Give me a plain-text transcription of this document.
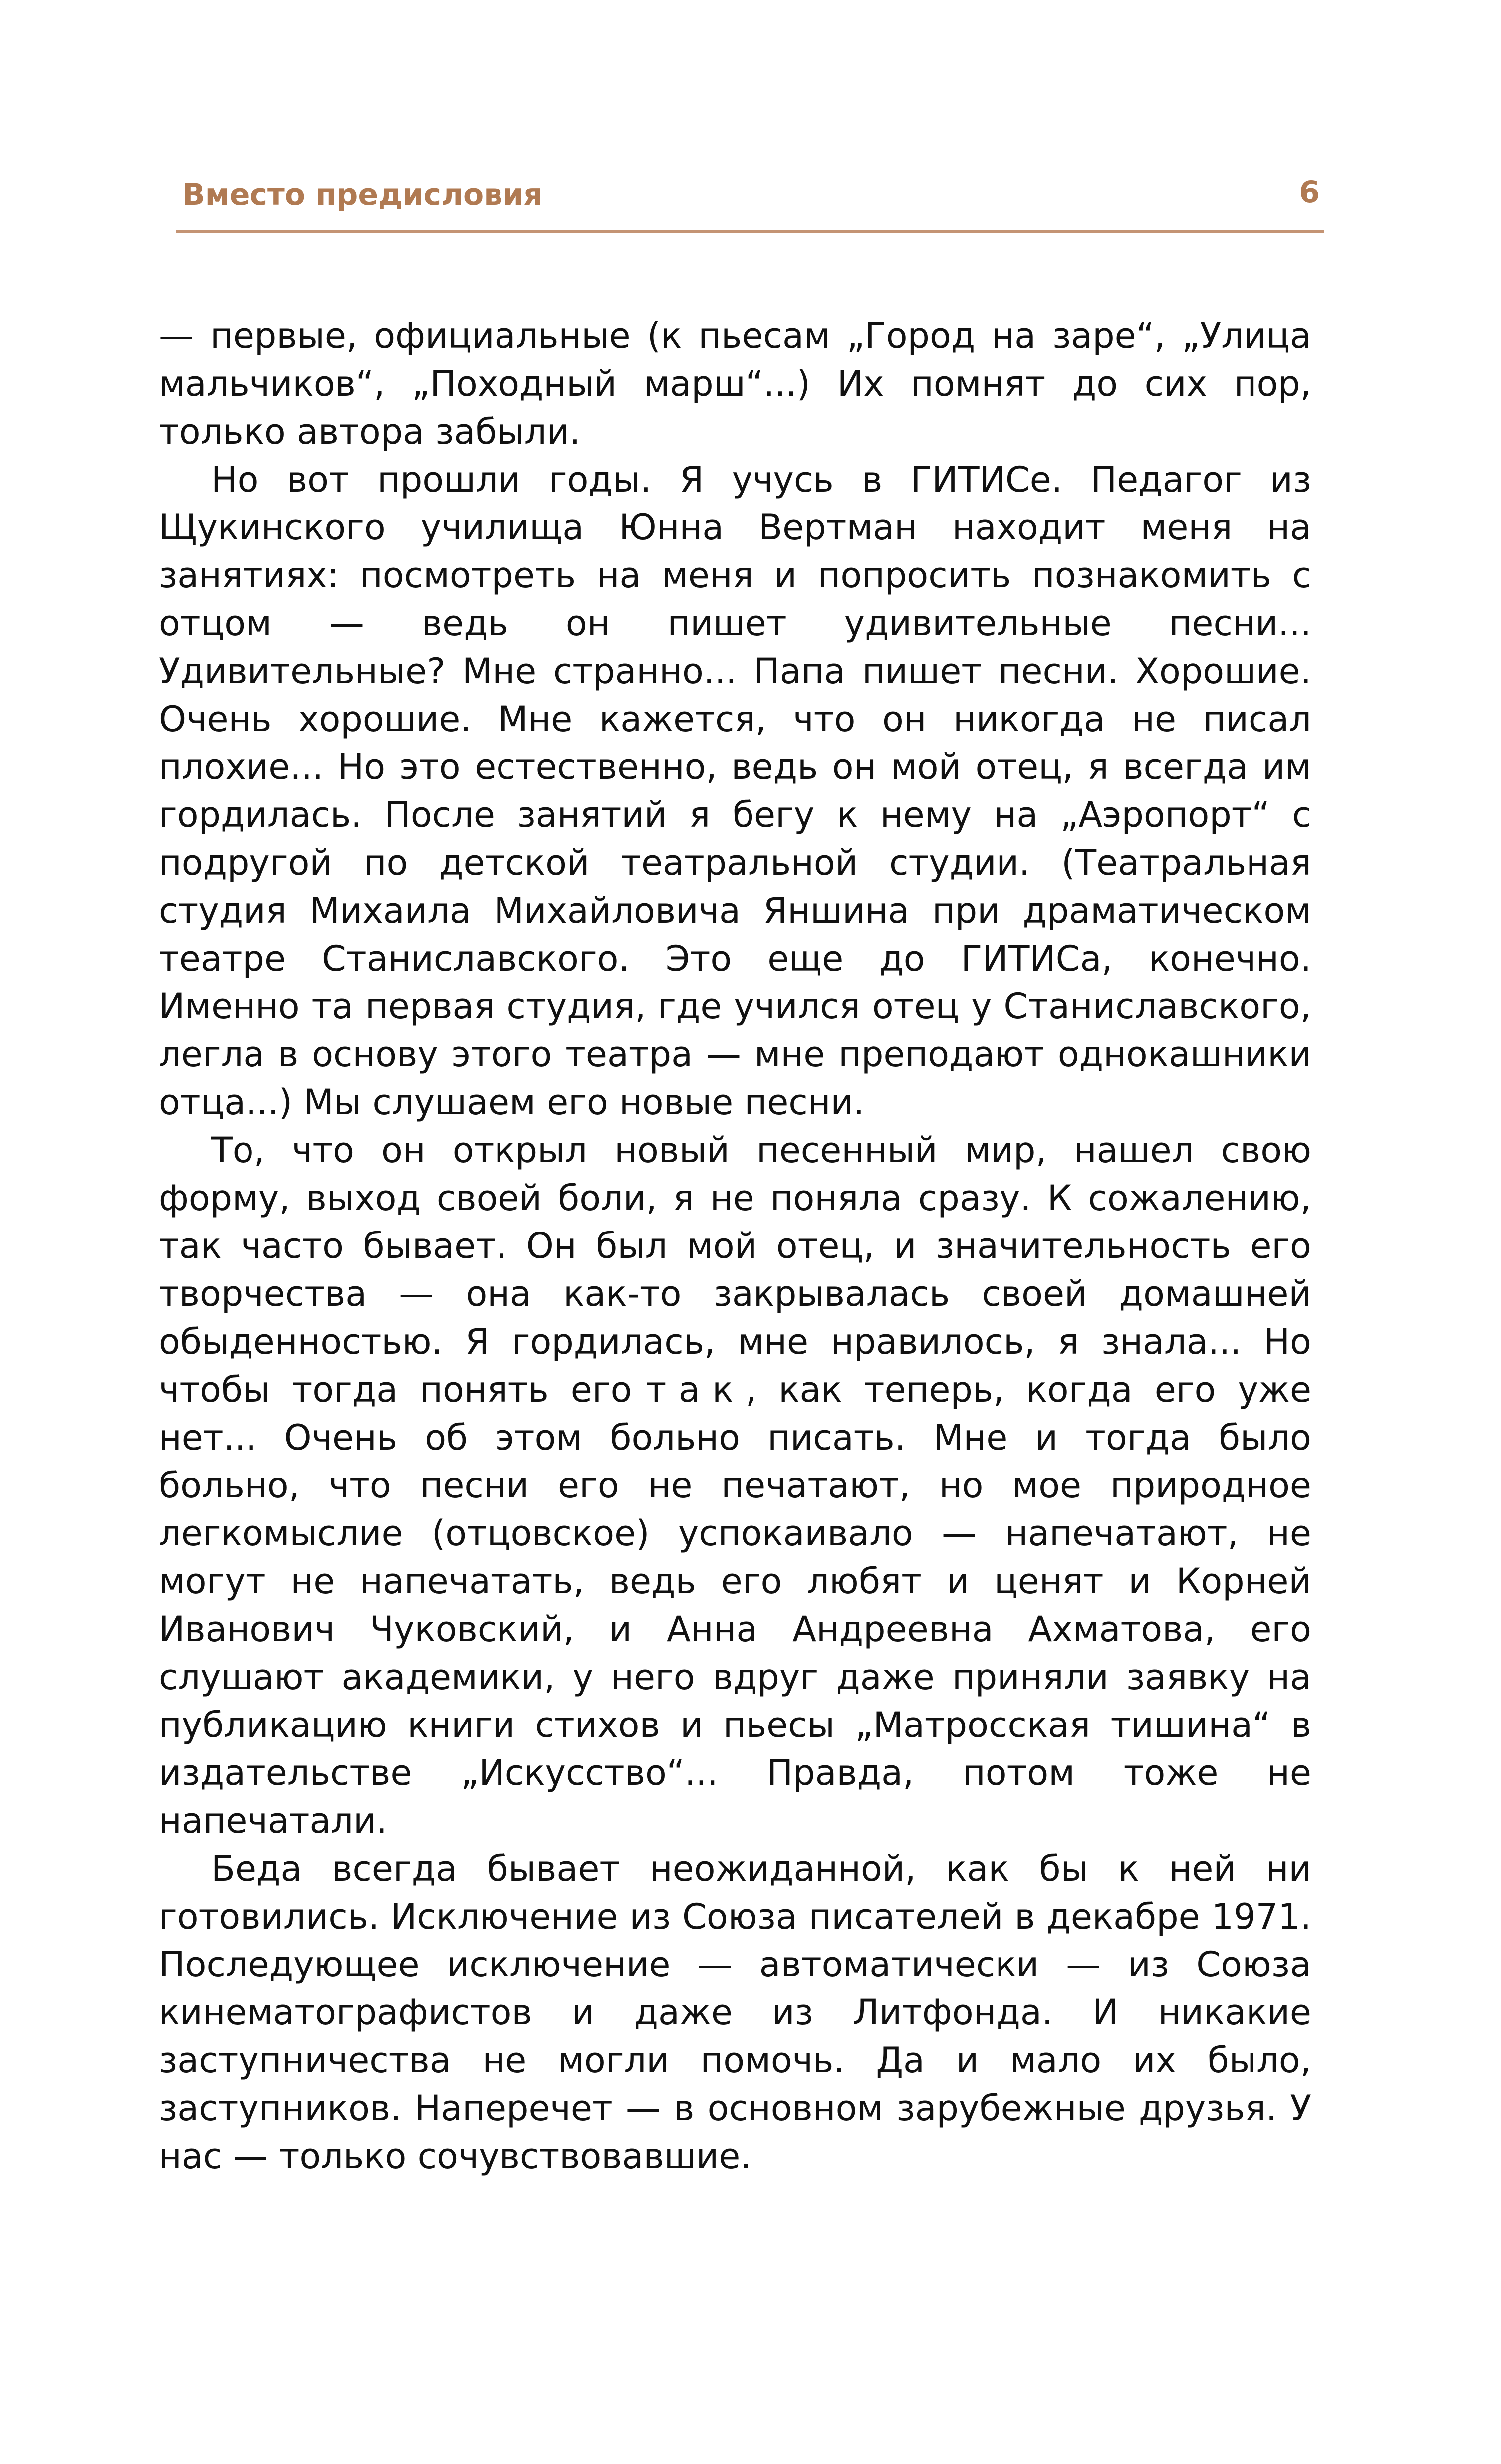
Вместо предисловия	6

— первые, официальные (к пьесам „Город на заре“, „Улица мальчиков“, „Походный марш“...) Их помнят до сих пор, только автора забыли.

Но вот прошли годы. Я учусь в ГИТИСе. Педагог из Щукинского училища Юнна Вертман находит меня на занятиях: посмотреть на меня и попросить познакомить с отцом — ведь он пишет удивительные песни... Удивительные? Мне странно... Папа пишет песни. Хорошие. Очень хорошие. Мне кажется, что он никогда не писал плохие... Но это естественно, ведь он мой отец, я всегда им гордилась. После занятий я бегу к нему на „Аэропорт“ с подругой по детской театральной студии. (Театральная студия Михаила Михайловича Яншина при драматическом театре Станиславского. Это еще до ГИТИСа, конечно. Именно та первая студия, где учился отец у Станиславского, легла в основу этого театра — мне преподают однокашники отца...) Мы слушаем его новые песни.

То, что он открыл новый песенный мир, нашел свою форму, выход своей боли, я не поняла сразу. К сожалению, так часто бывает. Он был мой отец, и значительность его творчества — она как-то закрывалась своей домашней обыденностью. Я гордилась, мне нравилось, я знала... Но чтобы тогда понять его так, как теперь, когда его уже нет... Очень об этом больно писать. Мне и тогда было больно, что песни его не печатают, но мое природное легкомыслие (отцовское) успокаивало — напечатают, не могут не напечатать, ведь его любят и ценят и Корней Иванович Чуковский, и Анна Андреевна Ахматова, его слушают академики, у него вдруг даже приняли заявку на публикацию книги стихов и пьесы „Матросская тишина“ в издательстве „Искусство“... Правда, потом тоже не напечатали.

Беда всегда бывает неожиданной, как бы к ней ни готовились. Исключение из Союза писателей в декабре 1971. Последующее исключение — автоматически — из Союза кинематографистов и даже из Литфонда. И никакие заступничества не могли помочь. Да и мало их было, заступников. Наперечет — в основном зарубежные друзья. У нас — только сочувствовавшие.
